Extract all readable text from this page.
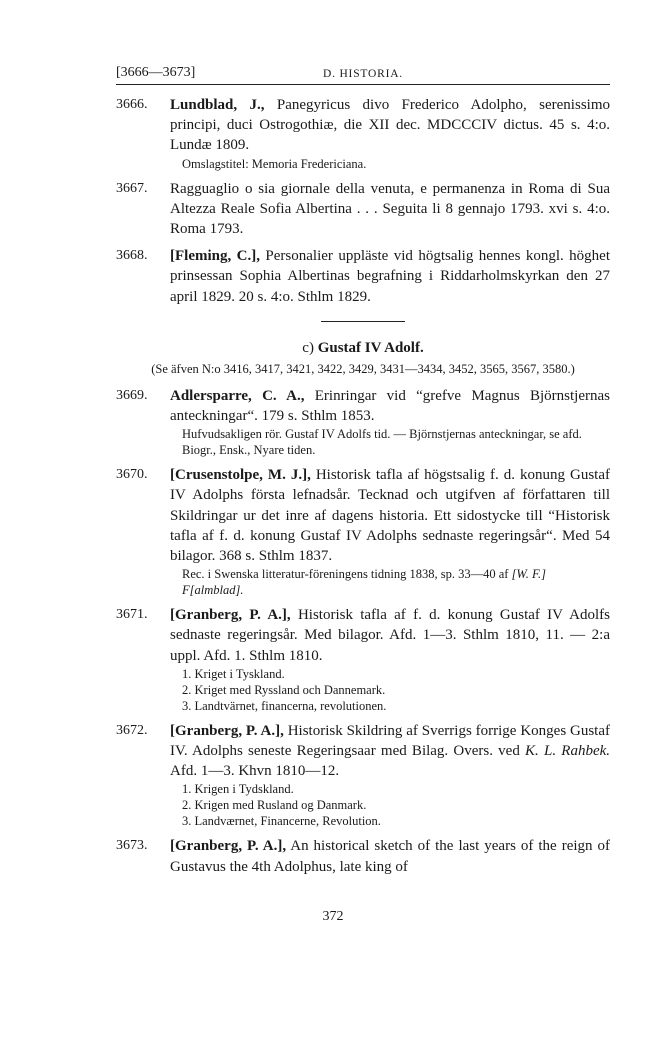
[3666—3673]	D. HISTORIA.
3666. Lundblad, J., Panegyricus divo Frederico Adolpho, serenissimo principi, duci Ostrogothiæ, die XII dec. MDCCCIV dictus. 45 s. 4:o. Lundæ 1809.
Omslagstitel: Memoria Fredericiana.
3667. Ragguaglio o sia giornale della venuta, e permanenza in Roma di Sua Altezza Reale Sofia Albertina . . . Seguita li 8 gennajo 1793. xvi s. 4:o. Roma 1793.
3668. [Fleming, C.], Personalier uppläste vid högtsalig hennes kongl. höghet prinsessan Sophia Albertinas begrafning i Riddarholmskyrkan den 27 april 1829. 20 s. 4:o. Sthlm 1829.
c) Gustaf IV Adolf.
(Se äfven N:o 3416, 3417, 3421, 3422, 3429, 3431—3434, 3452, 3565, 3567, 3580.)
3669. Adlersparre, C. A., Erinringar vid “grefve Magnus Björnstjernas anteckningar“. 179 s. Sthlm 1853.
Hufvudsakligen rör. Gustaf IV Adolfs tid. — Björnstjernas anteckningar, se afd. Biogr., Ensk., Nyare tiden.
3670. [Crusenstolpe, M. J.], Historisk tafla af högstsalig f. d. konung Gustaf IV Adolphs första lefnadsår. Tecknad och utgifven af författaren till Skildringar ur det inre af dagens historia. Ett sidostycke till “Historisk tafla af f. d. konung Gustaf IV Adolphs sednaste regeringsår“. Med 54 bilagor. 368 s. Sthlm 1837.
Rec. i Swenska litteratur-föreningens tidning 1838, sp. 33—40 af [W. F.] F[almblad].
3671. [Granberg, P. A.], Historisk tafla af f. d. konung Gustaf IV Adolfs sednaste regeringsår. Med bilagor. Afd. 1—3. Sthlm 1810, 11. — 2:a uppl. Afd. 1. Sthlm 1810.
1. Kriget i Tyskland.
2. Kriget med Ryssland och Dannemark.
3. Landtvärnet, financerna, revolutionen.
3672. [Granberg, P. A.], Historisk Skildring af Sverrigs forrige Konges Gustaf IV. Adolphs seneste Regeringsaar med Bilag. Overs. ved K. L. Rahbek. Afd. 1—3. Khvn 1810—12.
1. Krigen i Tydskland.
2. Krigen med Rusland og Danmark.
3. Landværnet, Financerne, Revolution.
3673. [Granberg, P. A.], An historical sketch of the last years of the reign of Gustavus the 4th Adolphus, late king of
372
